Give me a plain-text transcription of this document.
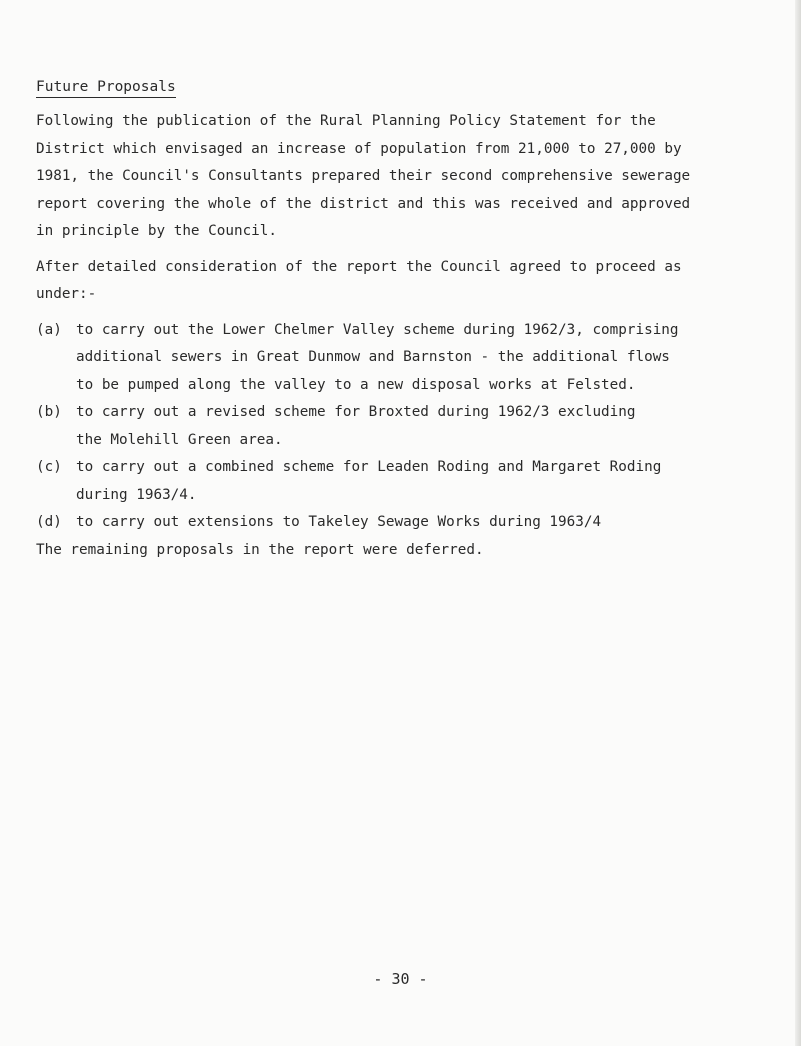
Future Proposals

Following the publication of the Rural Planning Policy Statement for the
District which envisaged an increase of population from 21,000 to 27,000 by
1981, the Council's Consultants prepared their second comprehensive sewerage
report covering the whole of the district and this was received and approved
in principle by the Council.

After detailed consideration of the report the Council agreed to proceed as
under:-

(a) to carry out the Lower Chelmer Valley scheme during 1962/3, comprising
additional sewers in Great Dunmow and Barnston - the additional flows
to be pumped along the valley to a new disposal works at Felsted.
(b) to carry out a revised scheme for Broxted during 1962/3 excluding
the Molehill Green area.
(c) to carry out a combined scheme for Leaden Roding and Margaret Roding
during 1963/4.
(d) to carry out extensions to Takeley Sewage Works during 1963/4

The remaining proposals in the report were deferred.

- 30 -
